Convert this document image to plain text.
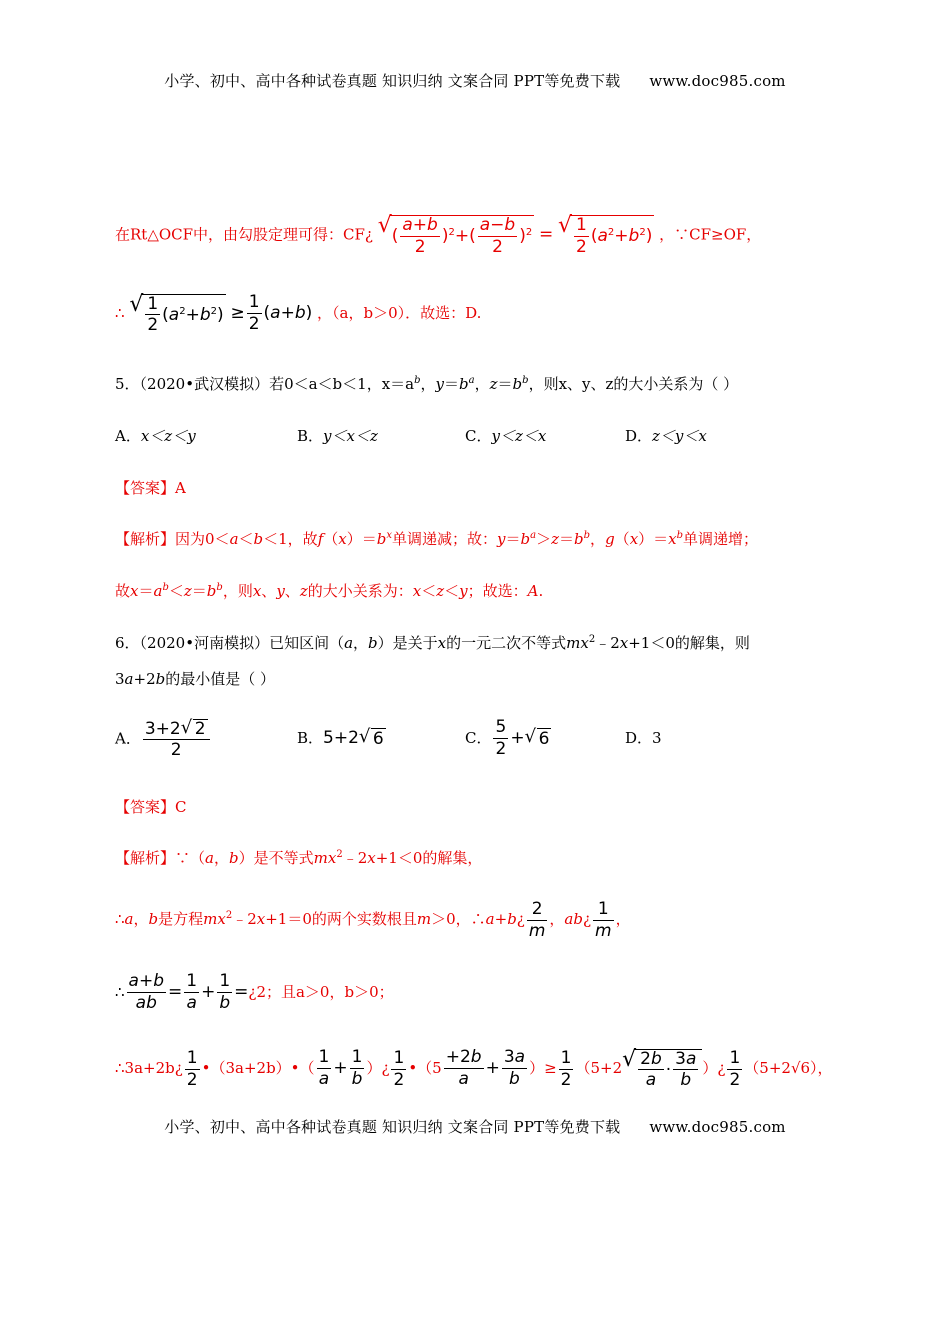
小学、初中、高中各种试卷真题 知识归纳 文案合同 PPT等免费下载 www.doc985.com
在Rt△OCF中，由勾股定理可得：CF¿ √ ( $\frac{a+b}{2} )^2+( \frac{a-b}{2} )^2$ = √ $\frac{1}{2} (a^2+b^2)$ ，∵CF≥OF，
∴ √ $\frac{1}{2} (a^2+b^2) \ge \frac{1}{2} (a+b)$ ，（a，b＞0）．故选：D.
5．（2020•武汉模拟）若0＜a＜b＜1，$x=a^b$，$y=b^a$，$z=b^b$，则x、y、z的大小关系为（ ）
A．x＜z＜y	B．y＜x＜z	C．y＜z＜x	D．z＜y＜x
【答案】A
【解析】因为0＜a＜b＜1，故$f(x)=b^x$单调递减；故：$y=b^a>z=b^b$，$g(x)=x^b$单调递增；
故$x=a^b<z=b^b$，则x、y、z的大小关系为：x＜z＜y；故选：A.
6．（2020•河南模拟）已知区间（a，b）是关于x的一元二次不等式$mx^2﹣2x+1<0$的解集，则
3a+2b的最小值是（ ）
A． $\frac{3+2 √ 2}{2}$	B．5+2 √ 6	C． $\frac{5}{2}$ + √ 6	D．3
【答案】C
【解析】∵（a，b）是不等式$mx^2﹣2x+1<0$的解集，
∴a，b是方程$mx^2﹣2x+1=0$的两个实数根且m＞0，∴a+b¿ $\frac{2}{m}$ ，ab¿ $\frac{1}{m}$ ，
∴ $\frac{a+b}{ab} = \frac{1}{a} + \frac{1}{b}$ =¿2；且a＞0，b＞0；
∴3a+2b¿ $\frac{1}{2}$ •（3a+2b）•（ $\frac{1}{a} + \frac{1}{b}$ ）¿ $\frac{1}{2}$ •（5 $\frac{+2b}{a} + \frac{3a}{b}$ ）≥ $\frac{1}{2} (5+2$ √ $\frac{2b}{a} \cdot \frac{3a}{b}$ ）¿ $\frac{1}{2} (5+2√6)$，
小学、初中、高中各种试卷真题 知识归纳 文案合同 PPT等免费下载 www.doc985.com
